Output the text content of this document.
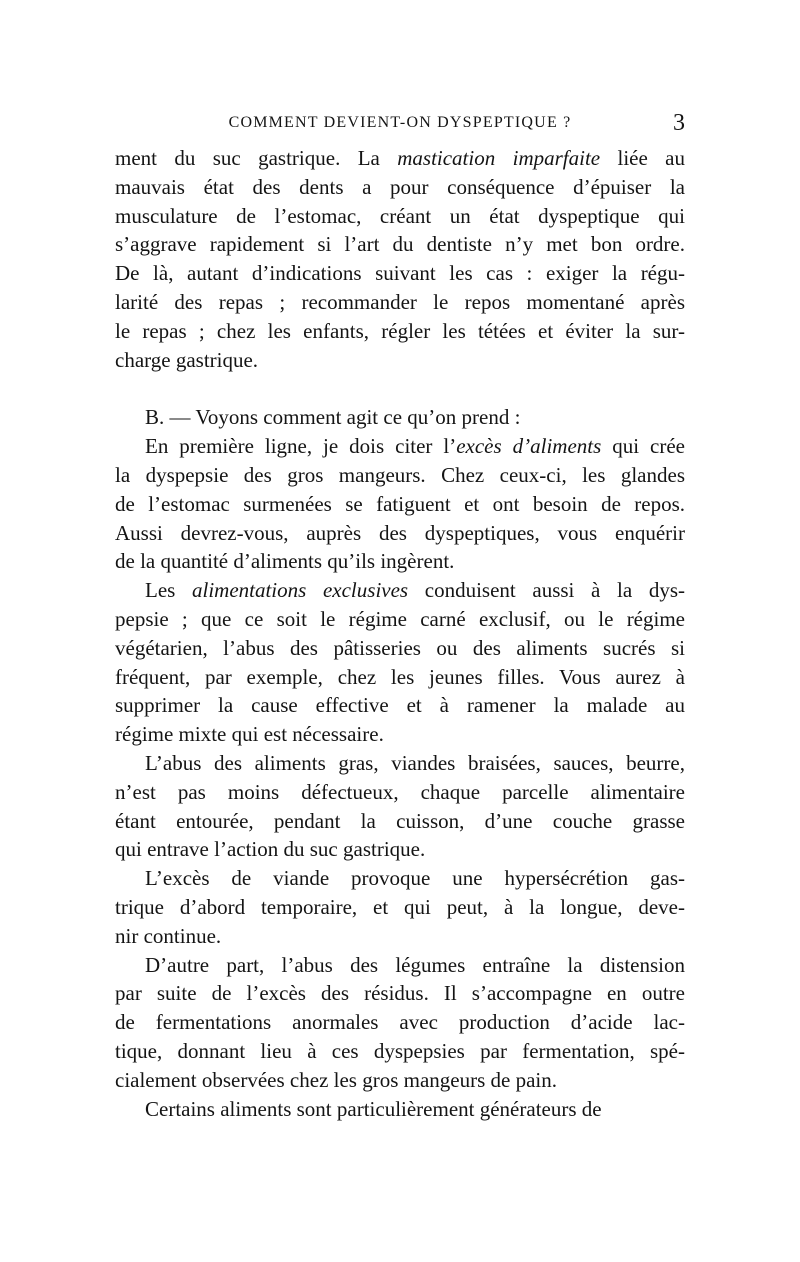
COMMENT DEVIENT-ON DYSPEPTIQUE ?	3
ment du suc gastrique. La mastication imparfaite liée au
mauvais état des dents a pour conséquence d’épuiser la
musculature de l’estomac, créant un état dyspeptique qui
s’aggrave rapidement si l’art du dentiste n’y met bon ordre.
De là, autant d’indications suivant les cas : exiger la régu-
larité des repas ; recommander le repos momentané après
le repas ; chez les enfants, régler les tétées et éviter la sur-
charge gastrique.
B. — Voyons comment agit ce qu’on prend :
En première ligne, je dois citer l’excès d’aliments qui crée
la dyspepsie des gros mangeurs. Chez ceux-ci, les glandes
de l’estomac surmenées se fatiguent et ont besoin de repos.
Aussi devrez-vous, auprès des dyspeptiques, vous enquérir
de la quantité d’aliments qu’ils ingèrent.
Les alimentations exclusives conduisent aussi à la dys-
pepsie ; que ce soit le régime carné exclusif, ou le régime
végétarien, l’abus des pâtisseries ou des aliments sucrés si
fréquent, par exemple, chez les jeunes filles. Vous aurez à
supprimer la cause effective et à ramener la malade au
régime mixte qui est nécessaire.
L’abus des aliments gras, viandes braisées, sauces, beurre,
n’est pas moins défectueux, chaque parcelle alimentaire
étant entourée, pendant la cuisson, d’une couche grasse
qui entrave l’action du suc gastrique.
L’excès de viande provoque une hypersécrétion gas-
trique d’abord temporaire, et qui peut, à la longue, deve-
nir continue.
D’autre part, l’abus des légumes entraîne la distension
par suite de l’excès des résidus. Il s’accompagne en outre
de fermentations anormales avec production d’acide lac-
tique, donnant lieu à ces dyspepsies par fermentation, spé-
cialement observées chez les gros mangeurs de pain.
Certains aliments sont particulièrement générateurs de
